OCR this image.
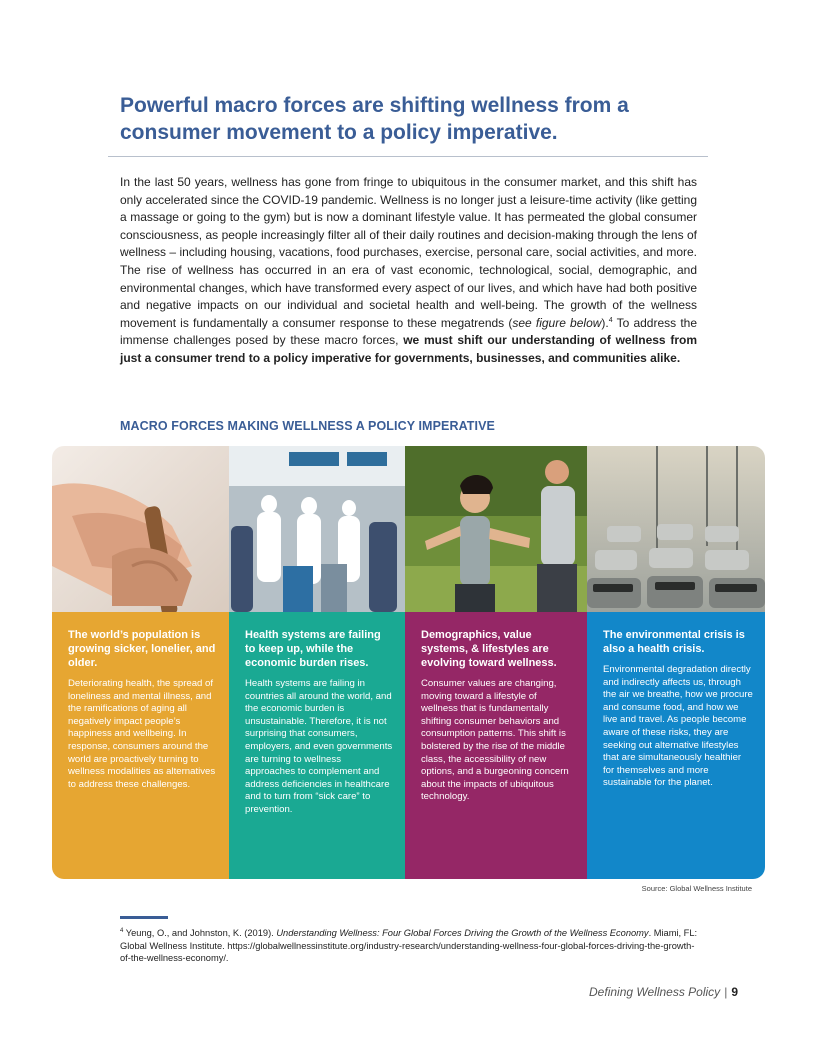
Powerful macro forces are shifting wellness from a consumer movement to a policy imperative.

In the last 50 years, wellness has gone from fringe to ubiquitous in the consumer market, and this shift has only accelerated since the COVID-19 pandemic. Wellness is no longer just a leisure-time activity (like getting a massage or going to the gym) but is now a dominant lifestyle value. It has permeated the global consumer consciousness, as people increasingly filter all of their daily routines and decision-making through the lens of wellness – including housing, vacations, food purchases, exercise, personal care, social activities, and more. The rise of wellness has occurred in an era of vast economic, technological, social, demographic, and environmental changes, which have transformed every aspect of our lives, and which have had both positive and negative impacts on our individual and societal health and well-being. The growth of the wellness movement is fundamentally a consumer response to these megatrends (see figure below).$^4$ To address the immense challenges posed by these macro forces, we must shift our understanding of wellness from just a consumer trend to a policy imperative for governments, businesses, and communities alike.

MACRO FORCES MAKING WELLNESS A POLICY IMPERATIVE

The world’s population is growing sicker, lonelier, and older.

Deteriorating health, the spread of loneliness and mental illness, and the ramifications of aging all negatively impact people’s happiness and wellbeing. In response, consumers around the world are proactively turning to wellness modalities as alternatives to address these challenges.

Health systems are failing to keep up, while the economic burden rises.

Health systems are failing in countries all around the world, and the economic burden is unsustainable. Therefore, it is not surprising that consumers, employers, and even governments are turning to wellness approaches to complement and address deficiencies in healthcare and to turn from “sick care” to prevention.

Demographics, value systems, & lifestyles are evolving toward wellness.

Consumer values are changing, moving toward a lifestyle of wellness that is fundamentally shifting consumer behaviors and consumption patterns. This shift is bolstered by the rise of the middle class, the accessibility of new options, and a burgeoning concern about the impacts of ubiquitous technology.

The environmental crisis is also a health crisis.

Environmental degradation directly and indirectly affects us, through the air we breathe, how we procure and consume food, and how we live and travel. As people become aware of these risks, they are seeking out alternative lifestyles that are simultaneously healthier for themselves and more sustainable for the planet.

Source: Global Wellness Institute

$^4$ Yeung, O., and Johnston, K. (2019). Understanding Wellness: Four Global Forces Driving the Growth of the Wellness Economy. Miami, FL: Global Wellness Institute. https://globalwellnessinstitute.org/industry-research/understanding-wellness-four-global-forces-driving-the-growth-of-the-wellness-economy/.

Defining Wellness Policy | 9
